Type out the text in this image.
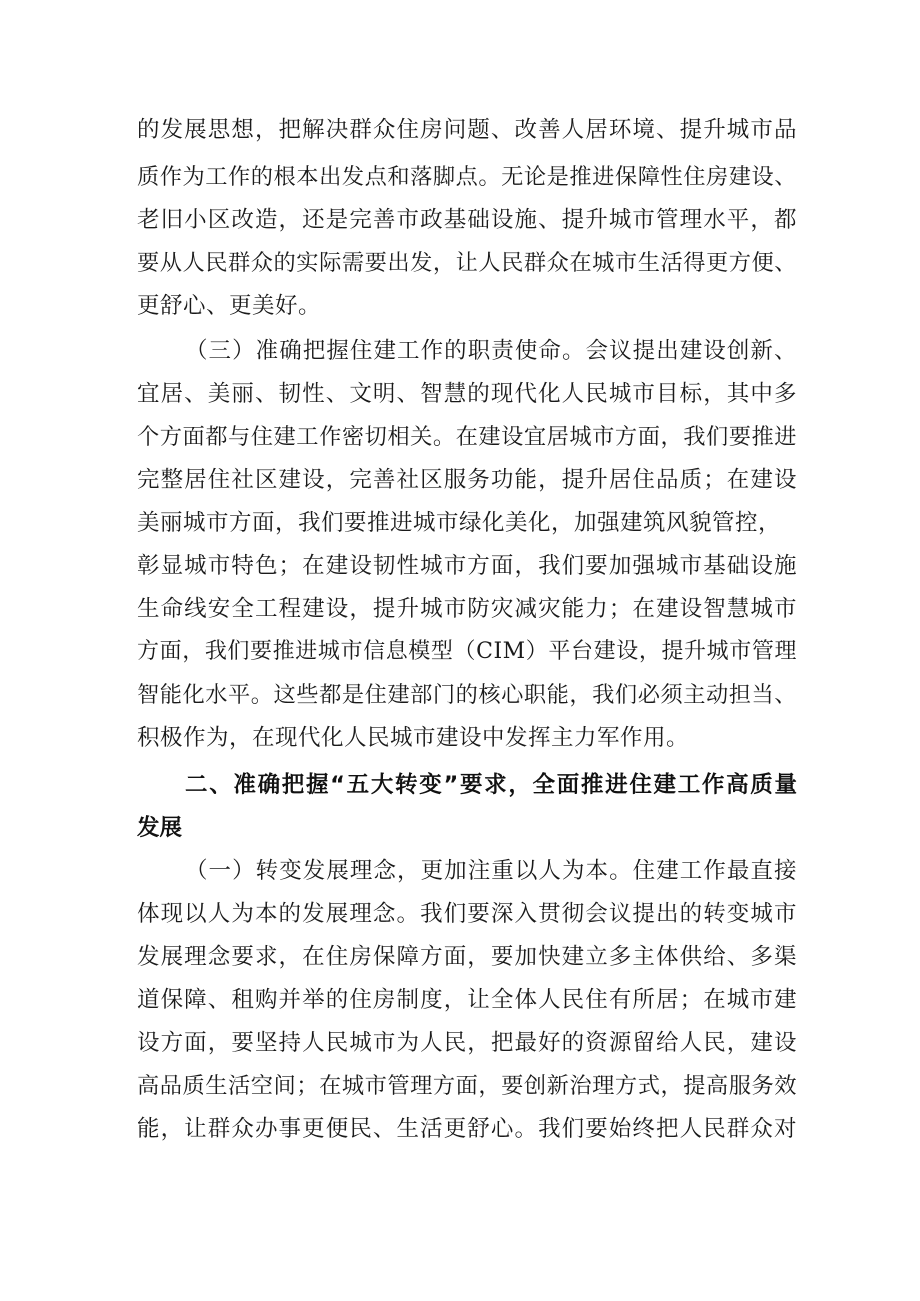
的发展思想，把解决群众住房问题、改善人居环境、提升城市品
质作为工作的根本出发点和落脚点。无论是推进保障性住房建设、
老旧小区改造，还是完善市政基础设施、提升城市管理水平，都
要从人民群众的实际需要出发，让人民群众在城市生活得更方便、
更舒心、更美好。
（三）准确把握住建工作的职责使命。会议提出建设创新、
宜居、美丽、韧性、文明、智慧的现代化人民城市目标，其中多
个方面都与住建工作密切相关。在建设宜居城市方面，我们要推进
完整居住社区建设，完善社区服务功能，提升居住品质；在建设
美丽城市方面，我们要推进城市绿化美化，加强建筑风貌管控，
彰显城市特色；在建设韧性城市方面，我们要加强城市基础设施
生命线安全工程建设，提升城市防灾减灾能力；在建设智慧城市
方面，我们要推进城市信息模型（CIM）平台建设，提升城市管理
智能化水平。这些都是住建部门的核心职能，我们必须主动担当、
积极作为，在现代化人民城市建设中发挥主力军作用。
二、准确把握“五大转变”要求，全面推进住建工作高质量
发展
（一）转变发展理念，更加注重以人为本。住建工作最直接
体现以人为本的发展理念。我们要深入贯彻会议提出的转变城市
发展理念要求，在住房保障方面，要加快建立多主体供给、多渠
道保障、租购并举的住房制度，让全体人民住有所居；在城市建
设方面，要坚持人民城市为人民，把最好的资源留给人民，建设
高品质生活空间；在城市管理方面，要创新治理方式，提高服务效
能，让群众办事更便民、生活更舒心。我们要始终把人民群众对
